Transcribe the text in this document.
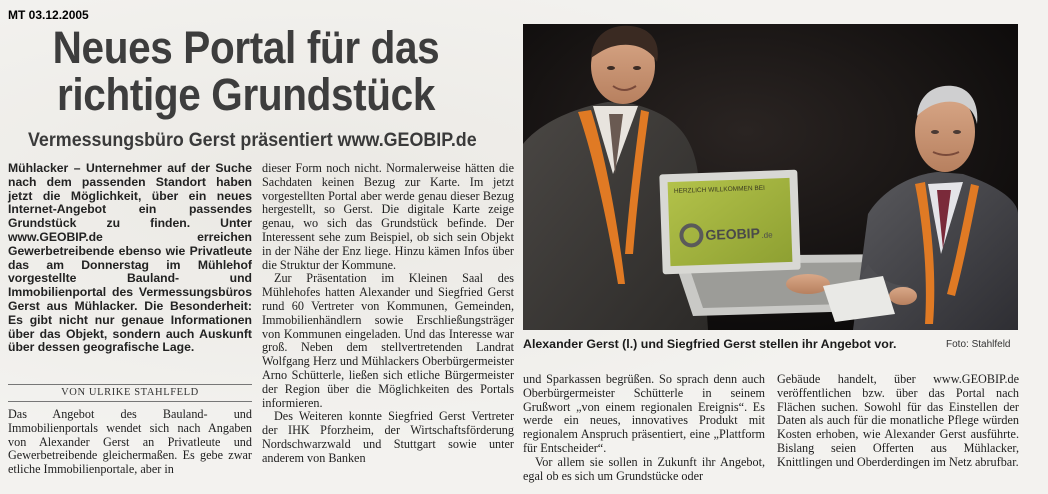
MT 03.12.2005
Neues Portal für das
richtige Grundstück
Vermessungsbüro Gerst präsentiert www.GEOBIP.de
Mühlacker – Unternehmer auf der Suche nach dem passenden Standort haben jetzt die Möglichkeit, über ein neues Internet-Angebot ein passendes Grundstück zu finden. Unter www.GEOBIP.de erreichen Gewerbetreibende ebenso wie Privatleute das am Donnerstag im Mühlehof vorgestellte Bauland- und Immobilienportal des Vermessungsbüros Gerst aus Mühlacker. Die Besonderheit: Es gibt nicht nur genaue Informationen über das Objekt, sondern auch Auskunft über dessen geografische Lage.
VON ULRIKE STAHLFELD

Das Angebot des Bauland- und Immobilienportals wendet sich nach Angaben von Alexander Gerst an Privatleute und Gewerbetreibende gleichermaßen. Es gebe zwar etliche Immobilienportale, aber in

dieser Form noch nicht. Normalerweise hätten die Sachdaten keinen Bezug zur Karte. Im jetzt vorgestellten Portal aber werde genau dieser Bezug hergestellt, so Gerst. Die digitale Karte zeige genau, wo sich das Grundstück befinde. Der Interessent sehe zum Beispiel, ob sich sein Objekt in der Nähe der Enz liege. Hinzu kämen Infos über die Struktur der Kommune.

Zur Präsentation im Kleinen Saal des Mühlehofes hatten Alexander und Siegfried Gerst rund 60 Vertreter von Kommunen, Gemeinden, Immobilienhändlern sowie Erschließungsträger von Kommunen eingeladen. Und das Interesse war groß. Neben dem stellvertretenden Landrat Wolfgang Herz und Mühlackers Oberbürgermeister Arno Schütterle, ließen sich etliche Bürgermeister der Region über die Möglichkeiten des Portals informieren.

Des Weiteren konnte Siegfried Gerst Vertreter der IHK Pforzheim, der Wirtschaftsförderung Nordschwarzwald und Stuttgart sowie unter anderem von Banken

und Sparkassen begrüßen. So sprach denn auch Oberbürgermeister Schütterle in seinem Grußwort „von einem regionalen Ereignis“. Es werde ein neues, innovatives Produkt mit regionalem Anspruch präsentiert, eine „Plattform für Entscheider“.

Vor allem sie sollen in Zukunft ihr Angebot, egal ob es sich um Grundstücke oder

Gebäude handelt, über www.GEOBIP.de veröffentlichen bzw. über das Portal nach Flächen suchen. Sowohl für das Einstellen der Daten als auch für die monatliche Pflege würden Kosten erhoben, wie Alexander Gerst ausführte. Bislang seien Offerten aus Mühlacker, Knittlingen und Oberderdingen im Netz abrufbar.

HERZLICH WILLKOMMEN BEI
GEOBIP .de
Alexander Gerst (l.) und Siegfried Gerst stellen ihr Angebot vor.	Foto: Stahlfeld
